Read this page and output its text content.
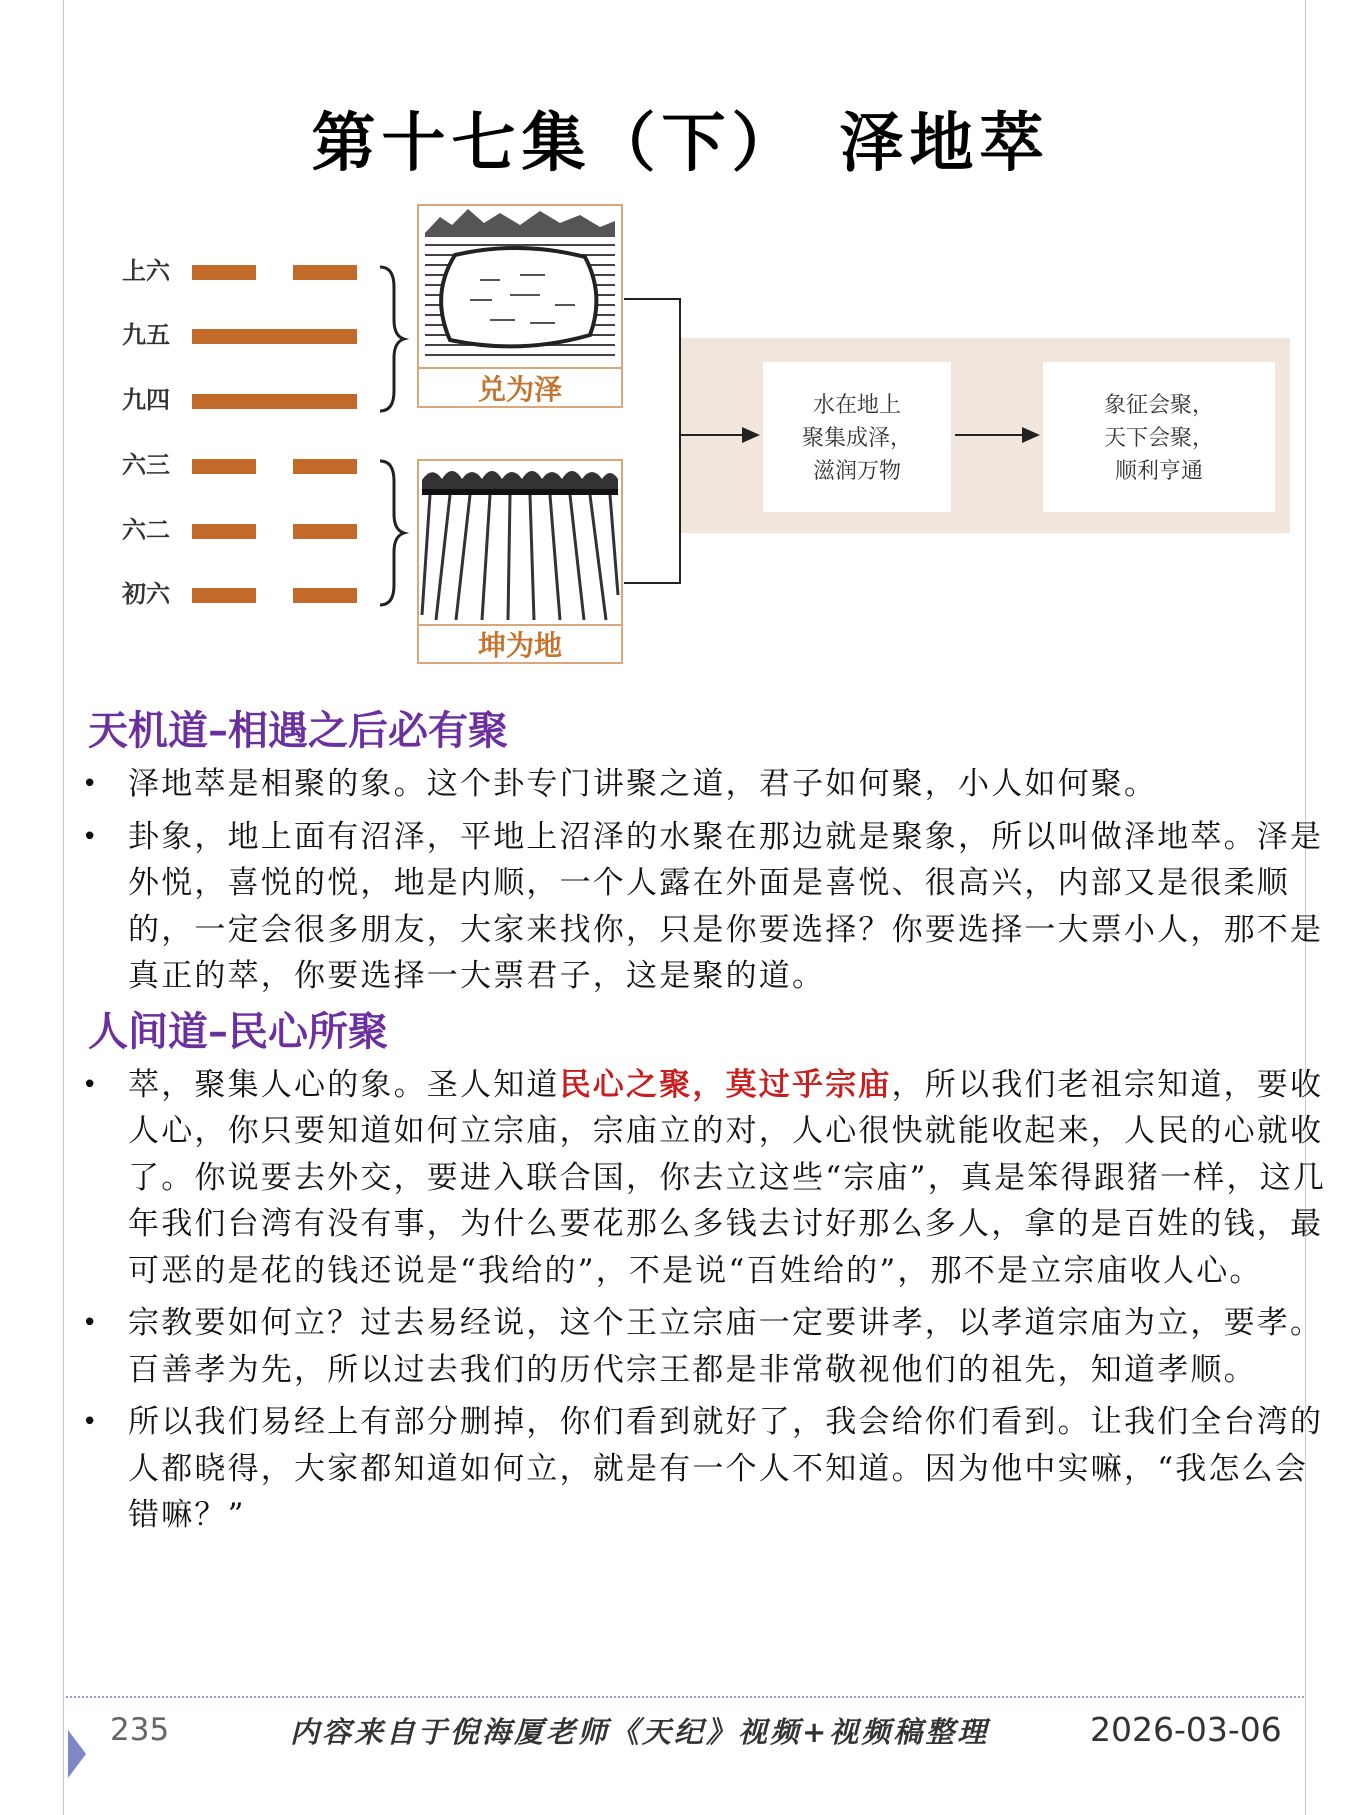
第十七集（下）　泽地萃
上六
九五
九四
六三
六二
初六
兑为泽
坤为地
水在地上
聚集成泽，
滋润万物
象征会聚，
天下会聚，
顺利亨通
天机道–相遇之后必有聚
• 泽地萃是相聚的象。这个卦专门讲聚之道，君子如何聚，小人如何聚。
• 卦象，地上面有沼泽，平地上沼泽的水聚在那边就是聚象，所以叫做泽地萃。泽是外悦，喜悦的悦，地是内顺，一个人露在外面是喜悦、很高兴，内部又是很柔顺的，一定会很多朋友，大家来找你，只是你要选择？你要选择一大票小人，那不是真正的萃，你要选择一大票君子，这是聚的道。
人间道–民心所聚
• 萃，聚集人心的象。圣人知道民心之聚，莫过乎宗庙，所以我们老祖宗知道，要收人心，你只要知道如何立宗庙，宗庙立的对，人心很快就能收起来，人民的心就收了。你说要去外交，要进入联合国，你去立这些“宗庙”，真是笨得跟猪一样，这几年我们台湾有没有事，为什么要花那么多钱去讨好那么多人，拿的是百姓的钱，最可恶的是花的钱还说是“我给的”，不是说“百姓给的”，那不是立宗庙收人心。
• 宗教要如何立？过去易经说，这个王立宗庙一定要讲孝，以孝道宗庙为立，要孝。百善孝为先，所以过去我们的历代宗王都是非常敬视他们的祖先，知道孝顺。
• 所以我们易经上有部分删掉，你们看到就好了，我会给你们看到。让我们全台湾的人都晓得，大家都知道如何立，就是有一个人不知道。因为他中实嘛，“我怎么会错嘛？”
235	内容来自于倪海厦老师《天纪》视频+视频稿整理	2026-03-06
